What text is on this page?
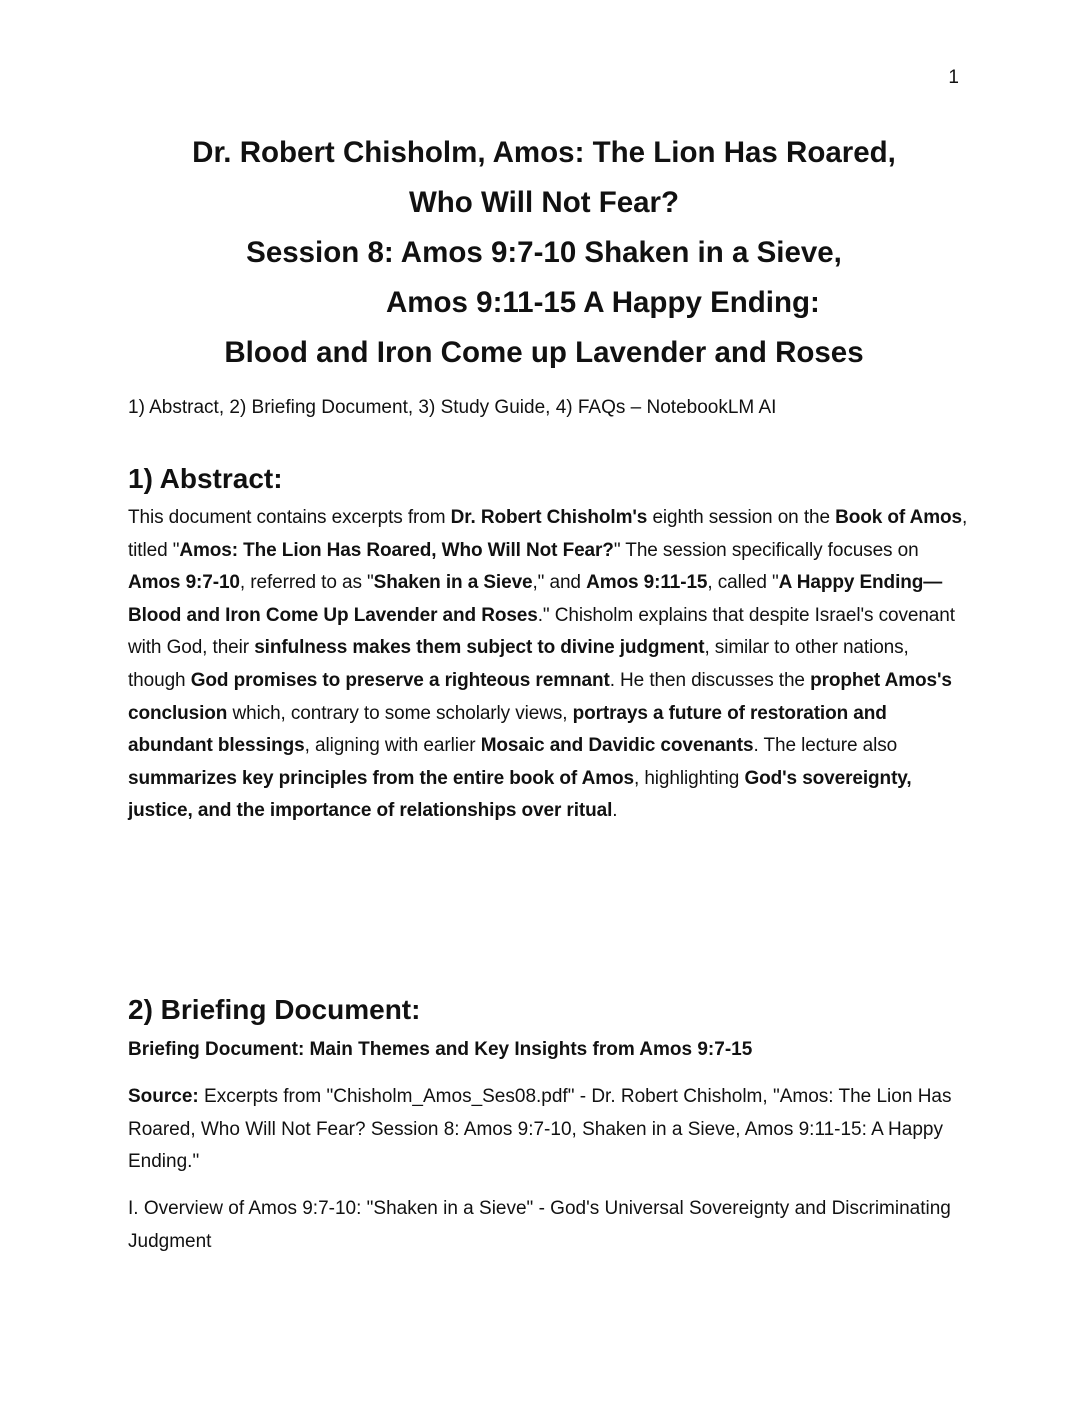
1
Dr. Robert Chisholm, Amos: The Lion Has Roared,
Who Will Not Fear?
Session 8: Amos 9:7-10 Shaken in a Sieve,
Amos 9:11-15 A Happy Ending:
Blood and Iron Come up Lavender and Roses
1) Abstract, 2) Briefing Document, 3) Study Guide, 4) FAQs – NotebookLM AI
1) Abstract:

This document contains excerpts from Dr. Robert Chisholm's eighth session on the Book of Amos, titled "Amos: The Lion Has Roared, Who Will Not Fear?" The session specifically focuses on Amos 9:7-10, referred to as "Shaken in a Sieve," and Amos 9:11-15, called "A Happy Ending—Blood and Iron Come Up Lavender and Roses." Chisholm explains that despite Israel's covenant with God, their sinfulness makes them subject to divine judgment, similar to other nations, though God promises to preserve a righteous remnant. He then discusses the prophet Amos's conclusion which, contrary to some scholarly views, portrays a future of restoration and abundant blessings, aligning with earlier Mosaic and Davidic covenants. The lecture also summarizes key principles from the entire book of Amos, highlighting God's sovereignty, justice, and the importance of relationships over ritual.

2) Briefing Document:
Briefing Document: Main Themes and Key Insights from Amos 9:7-15

Source: Excerpts from "Chisholm_Amos_Ses08.pdf" - Dr. Robert Chisholm, "Amos: The Lion Has Roared, Who Will Not Fear? Session 8: Amos 9:7-10, Shaken in a Sieve, Amos 9:11-15: A Happy Ending."

I. Overview of Amos 9:7-10: "Shaken in a Sieve" - God's Universal Sovereignty and Discriminating Judgment
